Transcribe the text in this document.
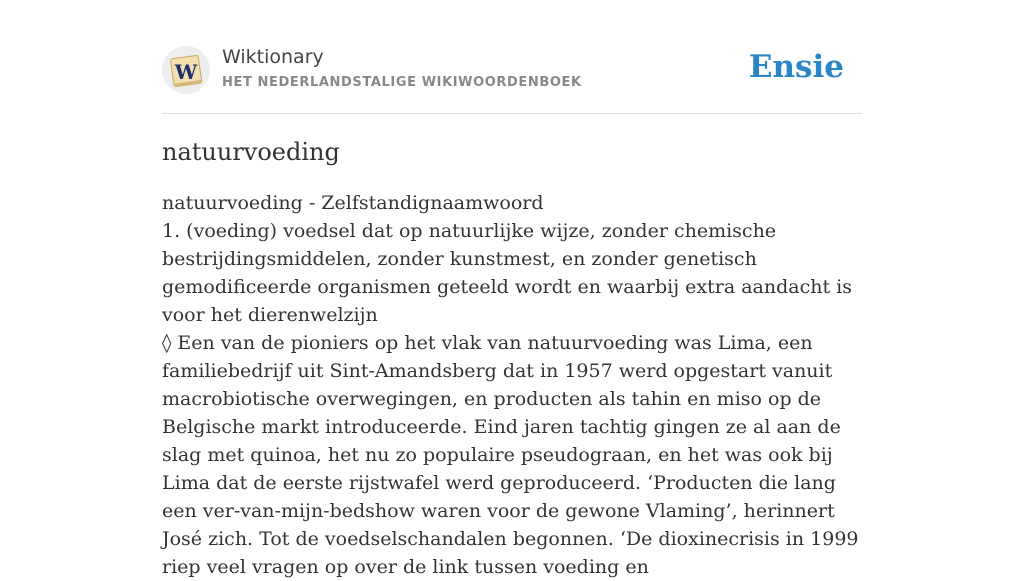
W
Wiktionary
HET NEDERLANDSTALIGE WIKIWOORDENBOEK	Ensie
natuurvoeding
natuurvoeding - Zelfstandignaamwoord
1. (voeding) voedsel dat op natuurlijke wijze, zonder chemische bestrijdingsmiddelen, zonder kunstmest, en zonder genetisch gemodificeerde organismen geteeld wordt en waarbij extra aandacht is voor het dierenwelzijn
◊ Een van de pioniers op het vlak van natuurvoeding was Lima, een familiebedrijf uit Sint-Amandsberg dat in 1957 werd opgestart vanuit macrobiotische overwegingen, en producten als tahin en miso op de Belgische markt introduceerde. Eind jaren tachtig gingen ze al aan de slag met quinoa, het nu zo populaire pseudograan, en het was ook bij Lima dat de eerste rijstwafel werd geproduceerd. ‘Producten die lang een ver-van-mijn-bedshow waren voor de gewone Vlaming’, herinnert José zich. Tot de voedselschandalen begonnen. ‘De dioxinecrisis in 1999 riep veel vragen op over de link tussen voeding en
